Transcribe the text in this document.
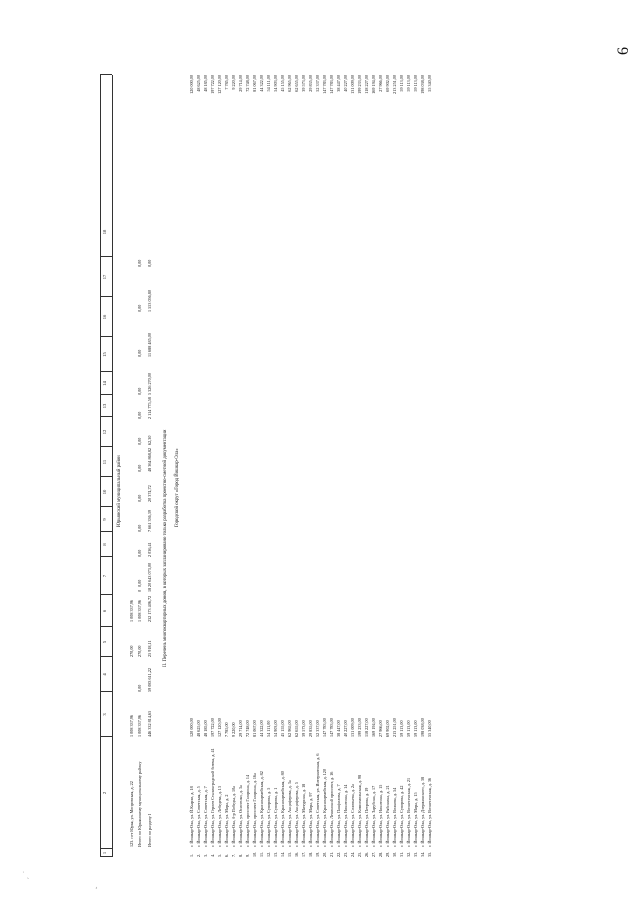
6
˙ ˎ
¸
1
2
3
4
5
6
7
8
9
10
11
12
13
14
15
16
17
18
Юрьянский муниципальный район
123. пгт Юрья, ул. Мопровская, д. 22
1 008 337,96
270,00
1 008 337,96
Итого по Юрьянскому муниципальному району
1 008 337,96
0,00
270,00
1 008 337,96
0
0,00
0,00
0,00
0,00
0,00
0,00
0,00
0,00
0,00
0,00
0,00
Итого по разделу I
446 332 814,65
59 083 611,22
25 918,11
232 173 406,72
18
20 643 073,00
2 036,41
7 661 336,39
20 374,72
48 364 868,82
62,30
2 114 775,58
5 326 270,00
11 688 485,00
1 553 056,80
0,00
II. Перечень многоквартирных домов, в которых запланировано только разработка проектно-сметной документации Городской округ «Город Йошкар-Ола»
1.
г. Йошкар-Ола, ул. Й.Кырли, д. 18
120 000,00
120 000,00
2.
г. Йошкар-Ола, ул. Советская, д. 5
48 625,00
48 625,00
3.
г. Йошкар-Ола, ул. Советская, д. 7
48 185,00
48 185,00
4.
г. Йошкар-Ола, ул. Героев Сталинградской битвы, д. 41
197 722,00
197 722,00
5.
г. Йошкар-Ола, ул. Лебедева, д. 13
127 120,00
127 120,00
6.
г. Йошкар-Ола, ул. Мира, д. 2
7 785,00
7 785,00
7.
г. Йошкар-Ола, б-р Победы, д. 10а
9 220,00
9 220,00
8.
г. Йошкар-Ола, ул. Осипенко, д. 3а
29 714,00
29 714,00
9.
г. Йошкар-Ола, проспект Гагарина, д. 14
72 748,00
72 748,00
10.
г. Йошкар-Ола, проспект Гагарина, д. 16а
81 067,00
81 067,00
11.
г. Йошкар-Ола, ул. Красноармейская, д. 82
44 322,00
44 322,00
12.
г. Йошкар-Ола, ул. Суворова, д. 5
54 111,00
54 111,00
13.
г. Йошкар-Ола, ул. Суворова, д. 1
54 903,00
54 903,00
14.
г. Йошкар-Ола, ул. Красноармейская, д. 80
45 155,00
45 155,00
15.
г. Йошкар-Ола, ул. Анциферова, д. 3а
62 965,00
62 965,00
16.
г. Йошкар-Ола, ул. Анциферова, д. 5
62 655,00
62 655,00
17.
г. Йошкар-Ола, ул. Мичурина, д. 18
39 573,00
39 573,00
18.
г. Йошкар-Ола, ул. Мира, д. 97
29 835,00
29 835,00
19.
г. Йошкар-Ола, ул. Советская, ул. Интернатская, д. 6
52 337,00
52 337,00
20.
г. Йошкар-Ола, ул. Красноармейская, д. 120
147 783,00
147 783,00
21.
г. Йошкар-Ола, Ленинский проспект, д. 16
147 783,00
147 783,00
22.
г. Йошкар-Ола, ул. Панфилова, д. 7
38 447,00
38 447,00
23.
г. Йошкар-Ола, ул. Никитина, д. 14
40 227,00
40 227,00
24.
г. Йошкар-Ола, ул. Соловьева, д. 2а
131 009,00
131 009,00
25.
г. Йошкар-Ола, ул. Комсомольская, д. 98
199 233,00
199 233,00
26.
г. Йошкар-Ола, ул. Петрова, д. 19
118 227,00
118 227,00
27.
г. Йошкар-Ола, ул. Зарубина, д. 17
169 194,00
169 194,00
28.
г. Йошкар-Ола, ул. Никитина, д. 15
27 966,00
27 966,00
29.
г. Йошкар-Ола, ул. Рябинина, д. 21
69 902,00
69 902,00
30.
г. Йошкар-Ола, ул. Волкова, д. 54
213 251,00
213 251,00
31.
г. Йошкар-Ола, ул. Суворова, д. 42
59 113,00
59 113,00
32.
г. Йошкар-Ола, ул. Вознесенская, д. 21
59 113,00
59 113,00
33.
г. Йошкар-Ола, ул. Мира, д. 15
59 113,00
59 113,00
34.
г. Йошкар-Ола, ул. Дзержинского, д. 38
198 038,00
198 038,00
35.
г. Йошкар-Ола, ул. Вознесенская, д. 36
55 340,00
55 340,00
